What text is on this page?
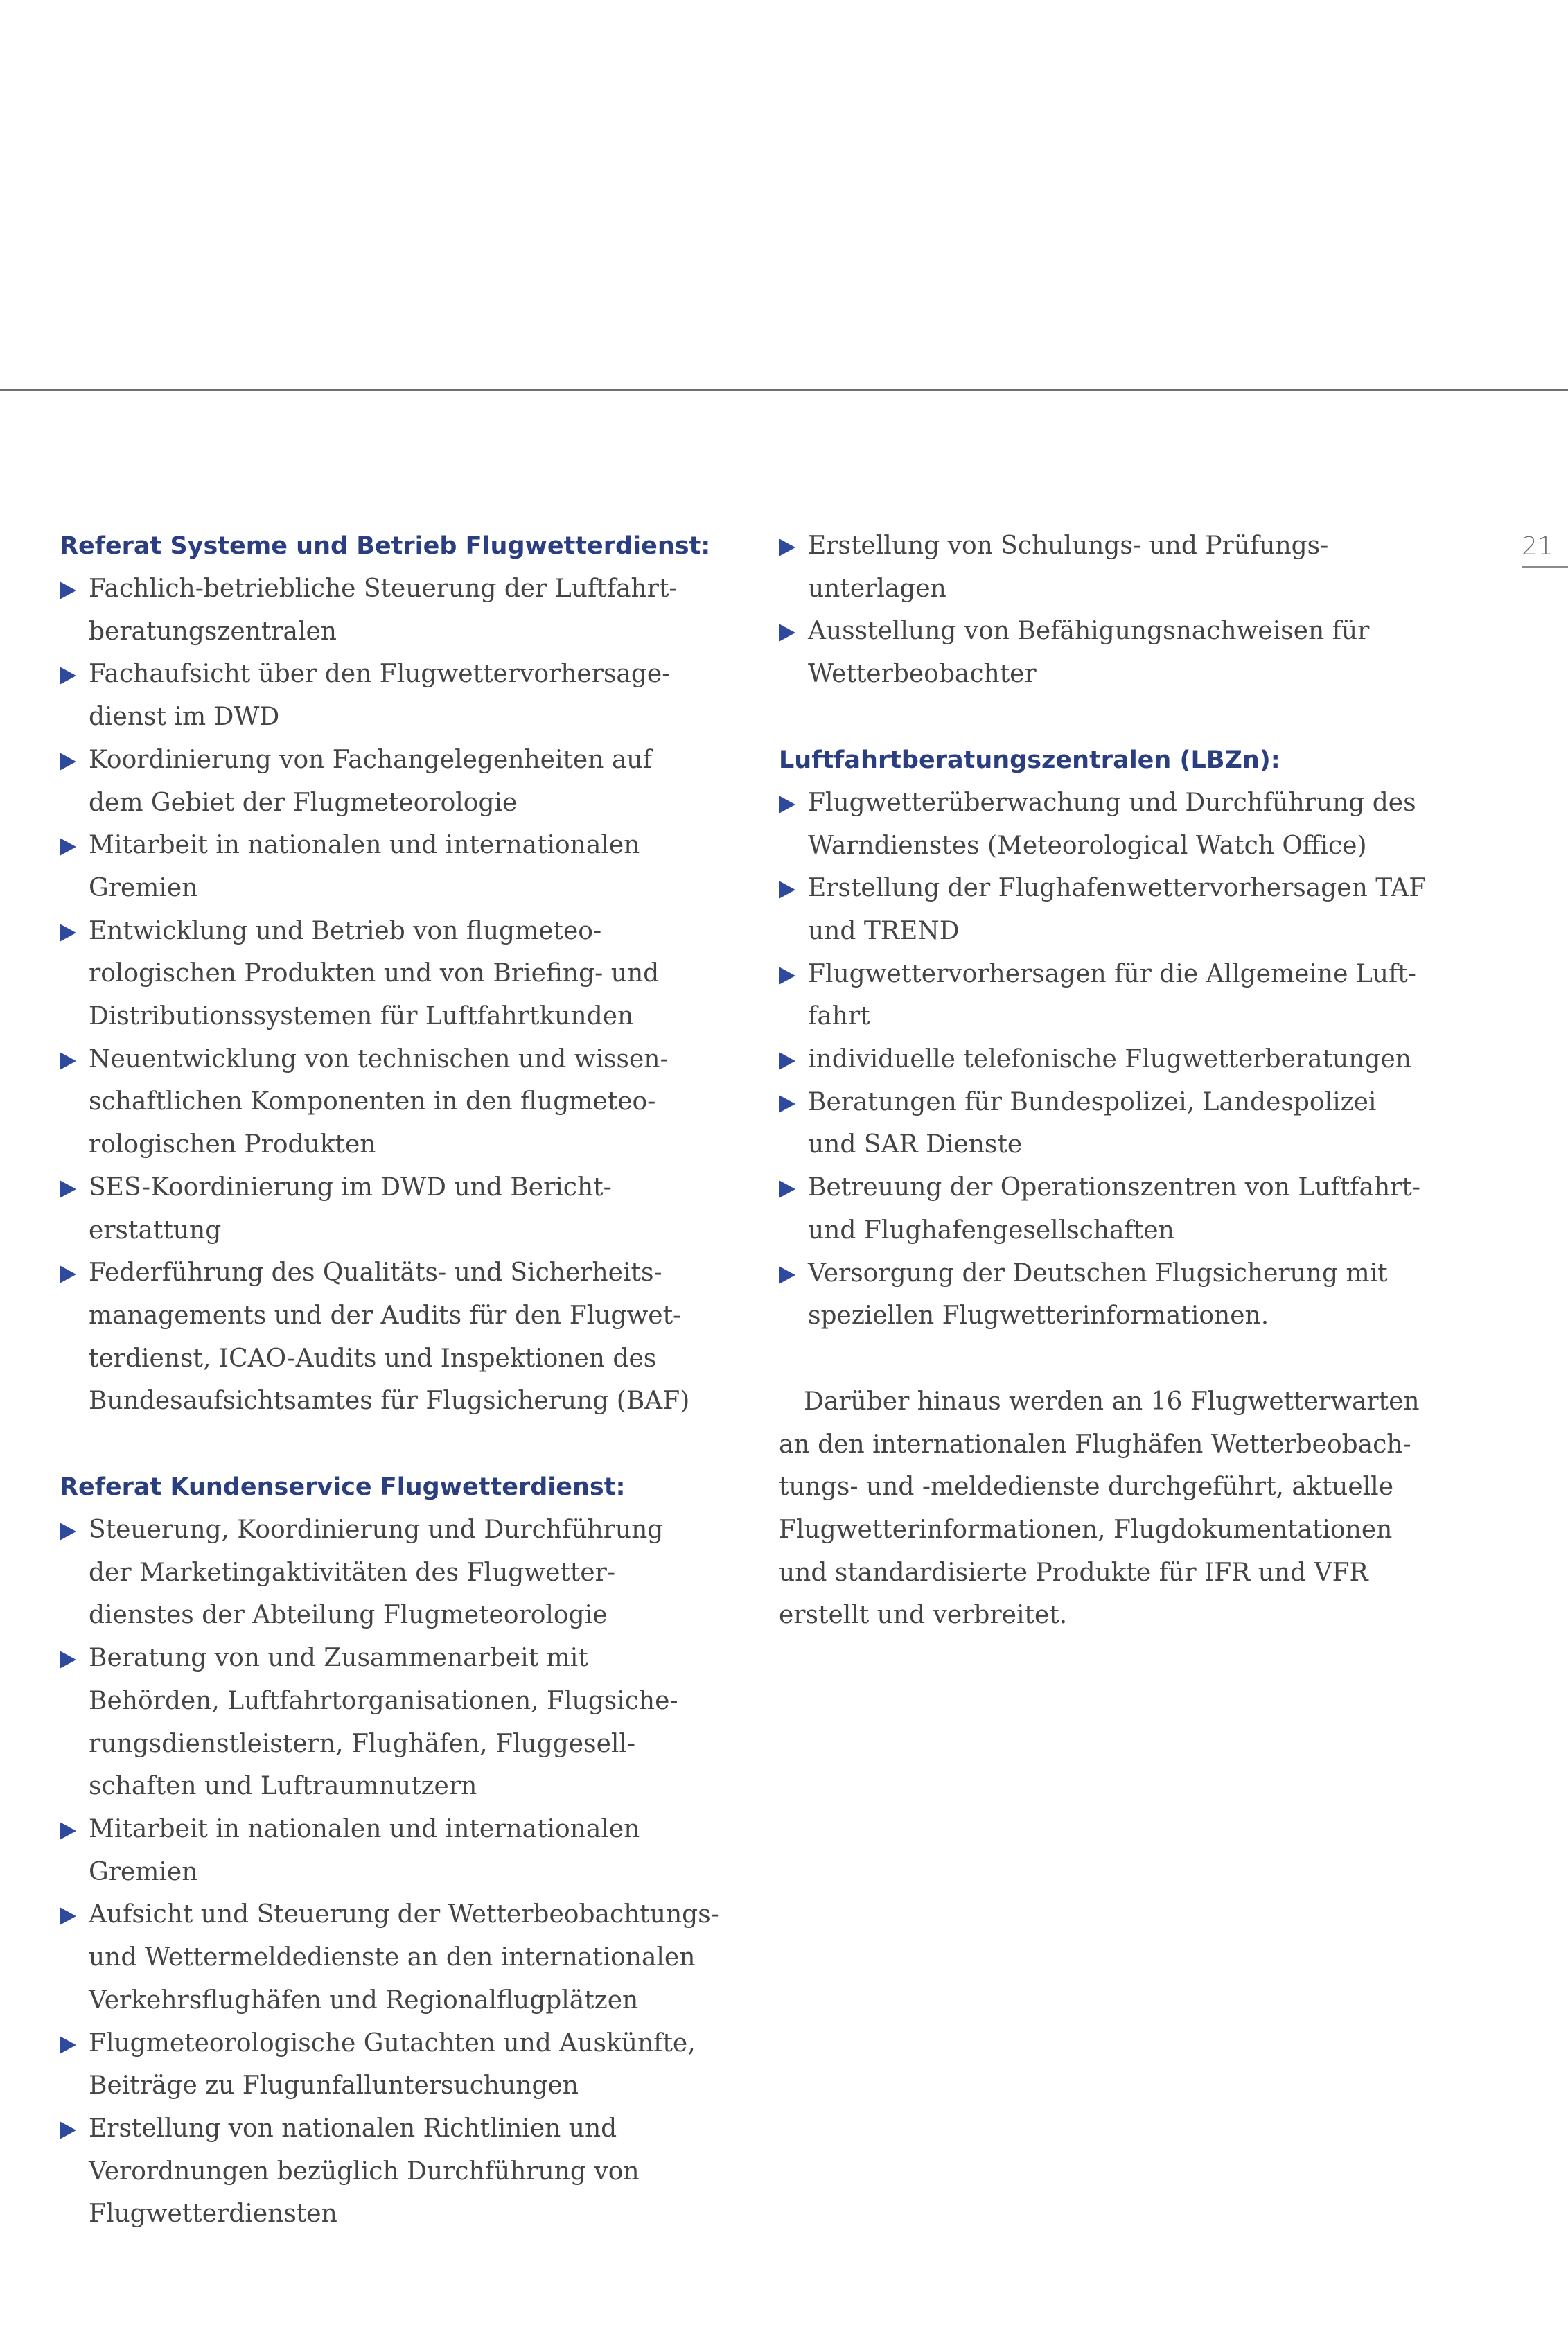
21
Referat Systeme und Betrieb Flugwetterdienst:
Fachlich-betriebliche Steuerung der Luftfahrt-
beratungszentralen
Fachaufsicht über den Flugwettervorhersage-
dienst im DWD
Koordinierung von Fachangelegenheiten auf
dem Gebiet der Flugmeteorologie
Mitarbeit in nationalen und internationalen
Gremien
Entwicklung und Betrieb von flugmeteo-
rologischen Produkten und von Briefing- und
Distributionssystemen für Luftfahrtkunden
Neuentwicklung von technischen und wissen-
schaftlichen Komponenten in den flugmeteo-
rologischen Produkten
SES-Koordinierung im DWD und Bericht-
erstattung
Federführung des Qualitäts- und Sicherheits-
managements und der Audits für den Flugwet-
terdienst, ICAO-Audits und Inspektionen des
Bundesaufsichtsamtes für Flugsicherung (BAF)
Referat Kundenservice Flugwetterdienst:
Steuerung, Koordinierung und Durchführung
der Marketingaktivitäten des Flugwetter-
dienstes der Abteilung Flugmeteorologie
Beratung von und Zusammenarbeit mit
Behörden, Luftfahrtorganisationen, Flugsiche-
rungsdienstleistern, Flughäfen, Fluggesell-
schaften und Luftraumnutzern
Mitarbeit in nationalen und internationalen
Gremien
Aufsicht und Steuerung der Wetterbeobachtungs-
und Wettermeldedienste an den internationalen
Verkehrsflughäfen und Regionalflugplätzen
Flugmeteorologische Gutachten und Auskünfte,
Beiträge zu Flugunfalluntersuchungen
Erstellung von nationalen Richtlinien und
Verordnungen bezüglich Durchführung von
Flugwetterdiensten
Erstellung von Schulungs- und Prüfungs-
unterlagen
Ausstellung von Befähigungsnachweisen für
Wetterbeobachter
Luftfahrtberatungszentralen (LBZn):
Flugwetterüberwachung und Durchführung des
Warndienstes (Meteorological Watch Office)
Erstellung der Flughafenwettervorhersagen TAF
und TREND
Flugwettervorhersagen für die Allgemeine Luft-
fahrt
individuelle telefonische Flugwetterberatungen
Beratungen für Bundespolizei, Landespolizei
und SAR Dienste
Betreuung der Operationszentren von Luftfahrt-
und Flughafengesellschaften
Versorgung der Deutschen Flugsicherung mit
speziellen Flugwetterinformationen.

Darüber hinaus werden an 16 Flugwetterwarten
an den internationalen Flughäfen Wetterbeobach-
tungs- und -meldedienste durchgeführt, aktuelle
Flugwetterinformationen, Flugdokumentationen
und standardisierte Produkte für IFR und VFR
erstellt und verbreitet.
